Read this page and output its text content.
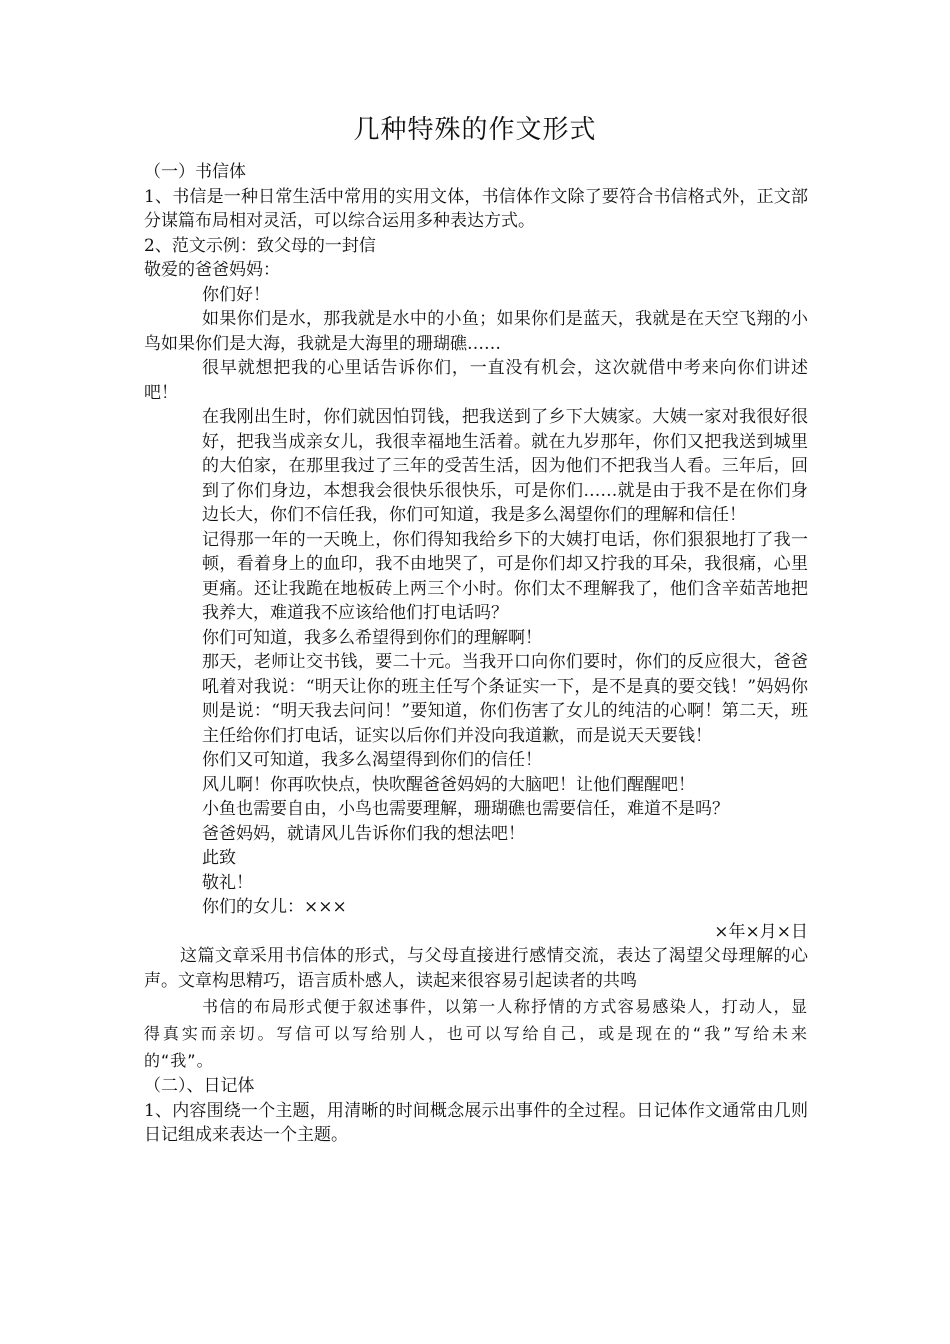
几种特殊的作文形式

（一）书信体

1、书信是一种日常生活中常用的实用文体，书信体作文除了要符合书信格式外，正文部分谋篇布局相对灵活，可以综合运用多种表达方式。

2、范文示例：致父母的一封信

敬爱的爸爸妈妈：

你们好！

如果你们是水，那我就是水中的小鱼；如果你们是蓝天，我就是在天空飞翔的小鸟如果你们是大海，我就是大海里的珊瑚礁……

很早就想把我的心里话告诉你们，一直没有机会，这次就借中考来向你们讲述吧！

在我刚出生时，你们就因怕罚钱，把我送到了乡下大姨家。大姨一家对我很好很好，把我当成亲女儿，我很幸福地生活着。就在九岁那年，你们又把我送到城里的大伯家，在那里我过了三年的受苦生活，因为他们不把我当人看。三年后，回到了你们身边，本想我会很快乐很快乐，可是你们……就是由于我不是在你们身边长大，你们不信任我，你们可知道，我是多么渴望你们的理解和信任！

记得那一年的一天晚上，你们得知我给乡下的大姨打电话，你们狠狠地打了我一顿，看着身上的血印，我不由地哭了，可是你们却又拧我的耳朵，我很痛，心里更痛。还让我跪在地板砖上两三个小时。你们太不理解我了，他们含辛茹苦地把我养大，难道我不应该给他们打电话吗？

你们可知道，我多么希望得到你们的理解啊！

那天，老师让交书钱，要二十元。当我开口向你们要时，你们的反应很大，爸爸吼着对我说：“明天让你的班主任写个条证实一下，是不是真的要交钱！”妈妈你则是说：“明天我去问问！”要知道，你们伤害了女儿的纯洁的心啊！第二天，班主任给你们打电话，证实以后你们并没向我道歉，而是说天天要钱！

你们又可知道，我多么渴望得到你们的信任！

风儿啊！你再吹快点，快吹醒爸爸妈妈的大脑吧！让他们醒醒吧！

小鱼也需要自由，小鸟也需要理解，珊瑚礁也需要信任，难道不是吗？

爸爸妈妈，就请风儿告诉你们我的想法吧！

此致

敬礼！

你们的女儿：×××

×年×月×日

这篇文章采用书信体的形式，与父母直接进行感情交流，表达了渴望父母理解的心声。文章构思精巧，语言质朴感人，读起来很容易引起读者的共鸣

书信的布局形式便于叙述事件，以第一人称抒情的方式容易感染人，打动人，显得真实而亲切。写信可以写给别人，也可以写给自己，或是现在的“我”写给未来的“我”。

（二）、日记体

1、内容围绕一个主题，用清晰的时间概念展示出事件的全过程。日记体作文通常由几则日记组成来表达一个主题。
